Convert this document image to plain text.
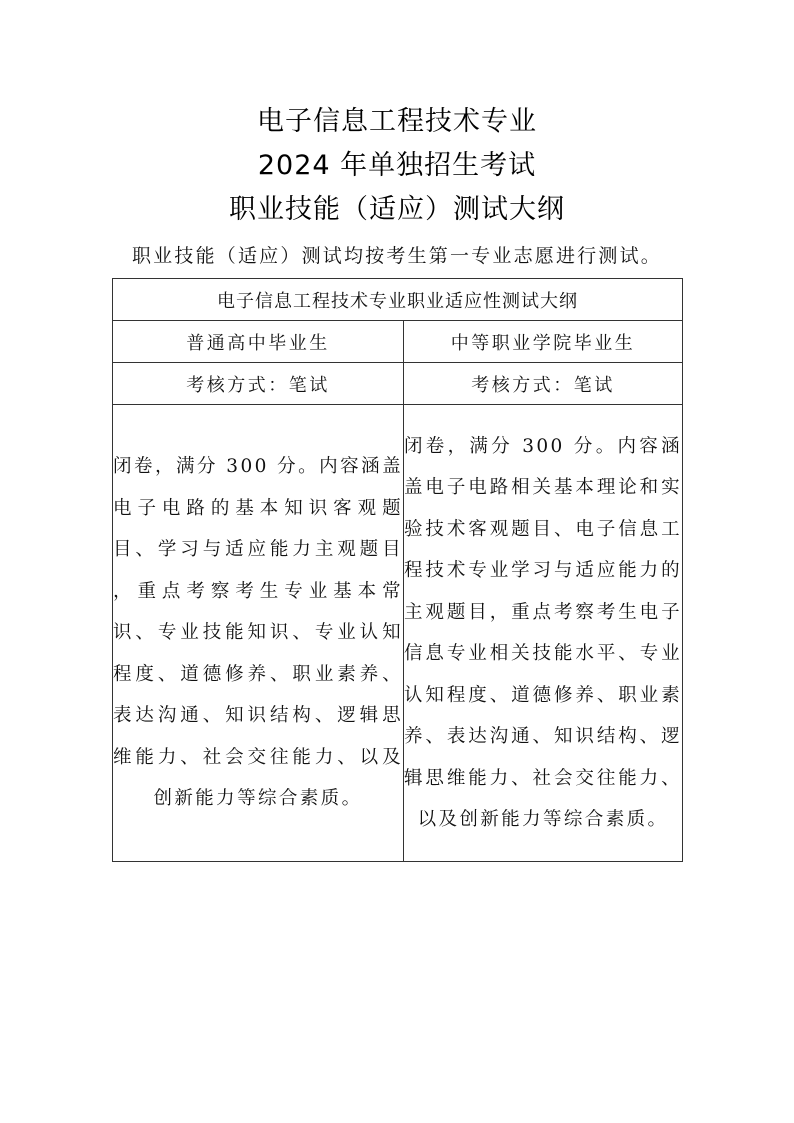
电子信息工程技术专业
2024 年单独招生考试
职业技能（适应）测试大纲
职业技能（适应）测试均按考生第一专业志愿进行测试。
电子信息工程技术专业职业适应性测试大纲	
普通高中毕业生	中等职业学院毕业生
考核方式：笔试	考核方式：笔试

闭卷，满分 300 分。内容涵盖电子电路的基本知识客观题目、学习与适应能力主观题目 ，重点考察考生专业基本常识、专业技能知识、专业认知程度、道德修养、职业素养、表达沟通、知识结构、逻辑思维能力、社会交往能力、以及创新能力等综合素质。	闭卷，满分 300 分。内容涵盖电子电路相关基本理论和实验技术客观题目、电子信息工程技术专业学习与适应能力的主观题目，重点考察考生电子信息专业相关技能水平、专业认知程度、道德修养、职业素养、表达沟通、知识结构、逻辑思维能力、社会交往能力、以及创新能力等综合素质。
